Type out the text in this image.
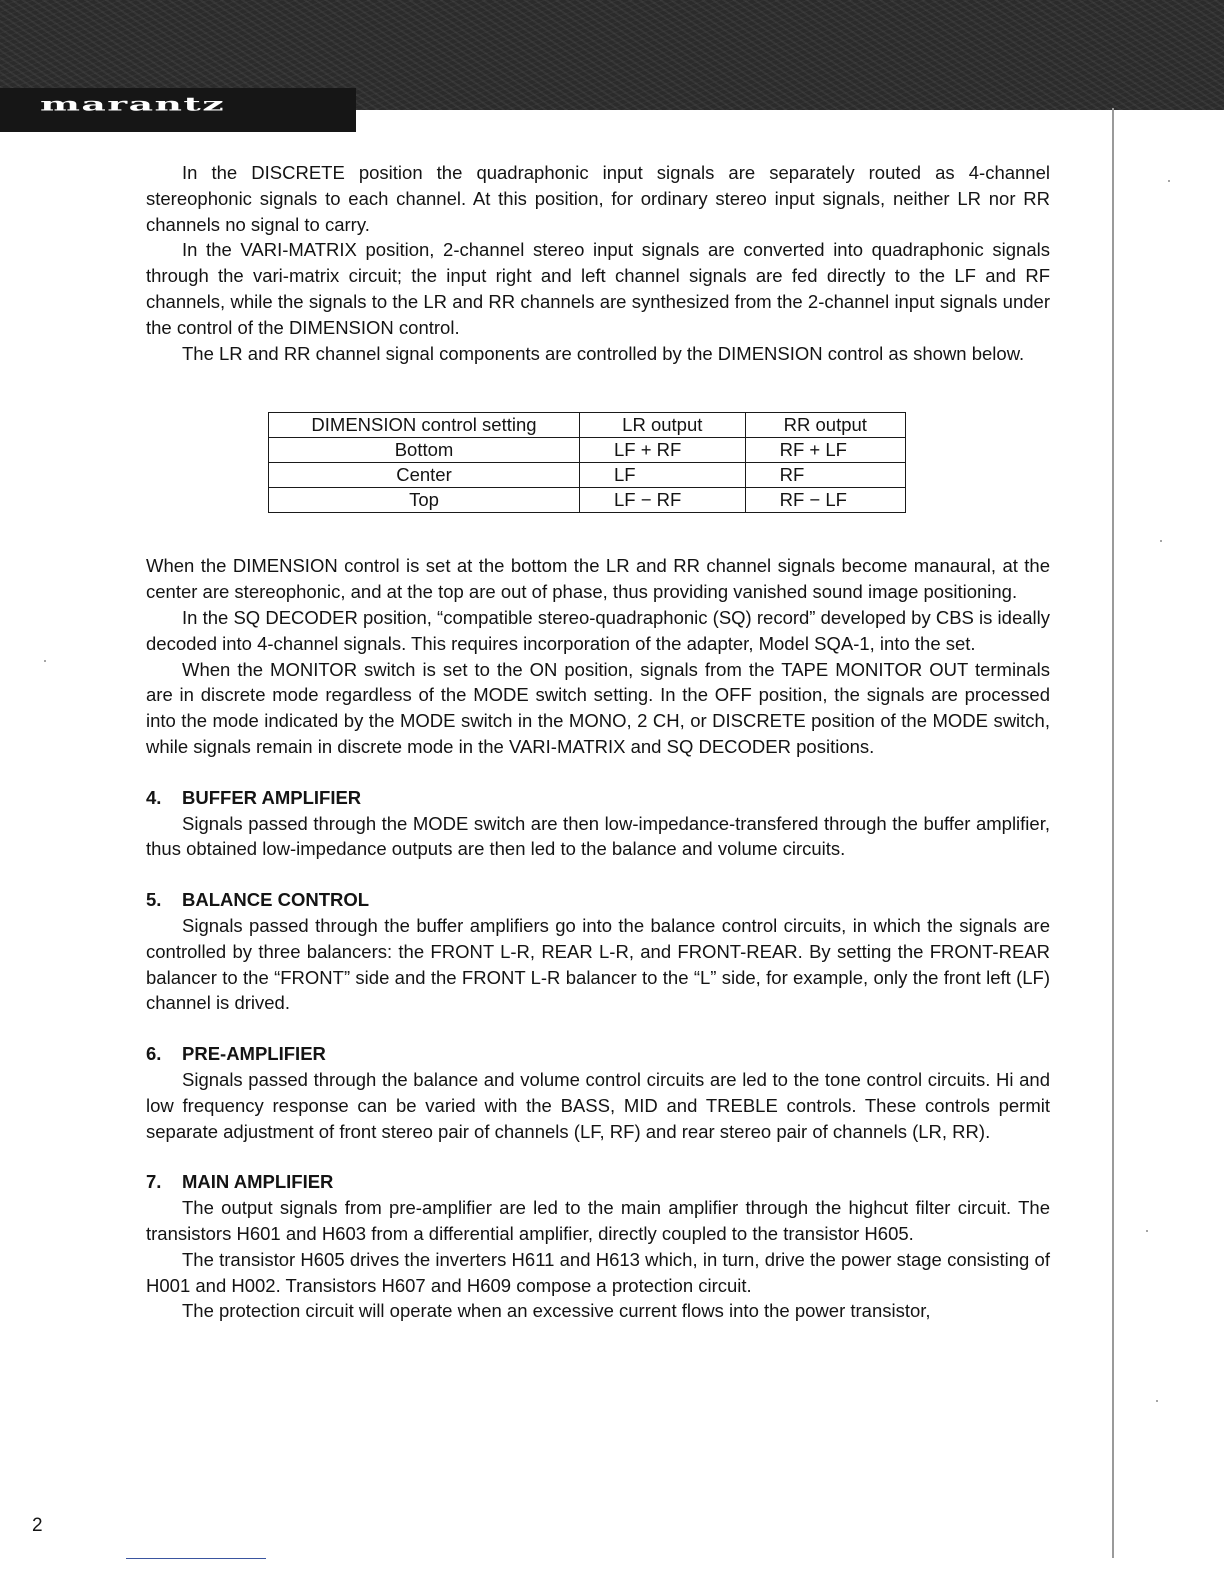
marantz

In the DISCRETE position the quadraphonic input signals are separately routed as 4-channel stereophonic signals to each channel. At this position, for ordinary stereo input signals, neither LR nor RR channels no signal to carry.

In the VARI-MATRIX position, 2-channel stereo input signals are converted into quadraphonic signals through the vari-matrix circuit; the input right and left channel signals are fed directly to the LF and RF channels, while the signals to the LR and RR channels are synthesized from the 2-channel input signals under the control of the DIMENSION control.

The LR and RR channel signal components are controlled by the DIMENSION control as shown below.

DIMENSION control setting	LR output	RR output
Bottom	LF + RF	RF + LF
Center	LF	RF
Top	LF − RF	RF − LF

When the DIMENSION control is set at the bottom the LR and RR channel signals become manaural, at the center are stereophonic, and at the top are out of phase, thus providing vanished sound image positioning.

In the SQ DECODER position, “compatible stereo-quadraphonic (SQ) record” developed by CBS is ideally decoded into 4-channel signals. This requires incorporation of the adapter, Model SQA-1, into the set.

When the MONITOR switch is set to the ON position, signals from the TAPE MONITOR OUT terminals are in discrete mode regardless of the MODE switch setting. In the OFF position, the signals are processed into the mode indicated by the MODE switch in the MONO, 2 CH, or DISCRETE position of the MODE switch, while signals remain in discrete mode in the VARI-MATRIX and SQ DECODER positions.

4. BUFFER AMPLIFIER

Signals passed through the MODE switch are then low-impedance-transfered through the buffer amplifier, thus obtained low-impedance outputs are then led to the balance and volume circuits.

5. BALANCE CONTROL

Signals passed through the buffer amplifiers go into the balance control circuits, in which the signals are controlled by three balancers: the FRONT L-R, REAR L-R, and FRONT-REAR. By setting the FRONT-REAR balancer to the “FRONT” side and the FRONT L-R balancer to the “L” side, for example, only the front left (LF) channel is drived.

6. PRE-AMPLIFIER

Signals passed through the balance and volume control circuits are led to the tone control circuits. Hi and low frequency response can be varied with the BASS, MID and TREBLE controls. These controls permit separate adjustment of front stereo pair of channels (LF, RF) and rear stereo pair of channels (LR, RR).

7. MAIN AMPLIFIER

The output signals from pre-amplifier are led to the main amplifier through the highcut filter circuit. The transistors H601 and H603 from a differential amplifier, directly coupled to the transistor H605.

The transistor H605 drives the inverters H611 and H613 which, in turn, drive the power stage consisting of H001 and H002. Transistors H607 and H609 compose a protection circuit.

The protection circuit will operate when an excessive current flows into the power transistor,

2
